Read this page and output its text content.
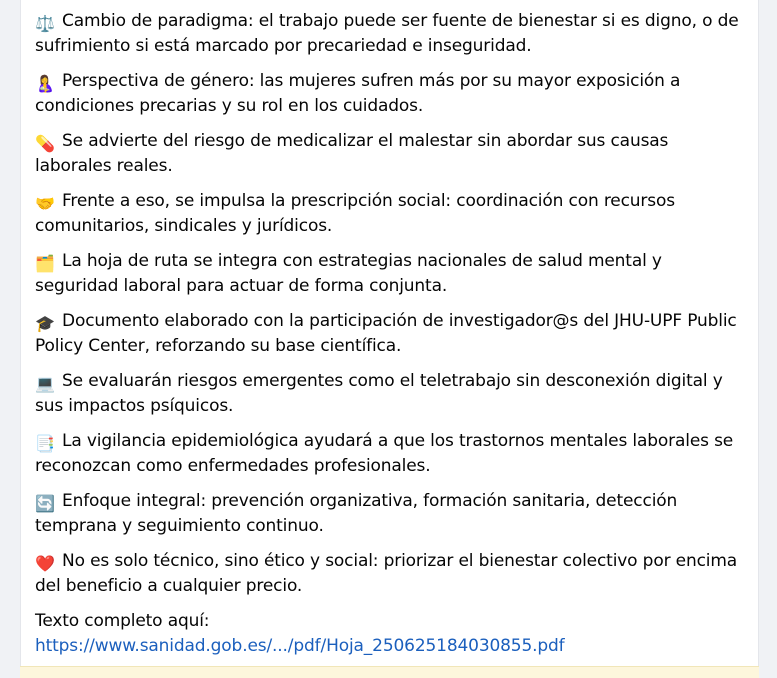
⚖️ Cambio de paradigma: el trabajo puede ser fuente de bienestar si es digno, o de sufrimiento si está marcado por precariedad e inseguridad.

🤱 Perspectiva de género: las mujeres sufren más por su mayor exposición a condiciones precarias y su rol en los cuidados.

💊 Se advierte del riesgo de medicalizar el malestar sin abordar sus causas laborales reales.

🤝 Frente a eso, se impulsa la prescripción social: coordinación con recursos comunitarios, sindicales y jurídicos.

🗂️ La hoja de ruta se integra con estrategias nacionales de salud mental y seguridad laboral para actuar de forma conjunta.

🎓 Documento elaborado con la participación de investigador@s del JHU-UPF Public Policy Center, reforzando su base científica.

💻 Se evaluarán riesgos emergentes como el teletrabajo sin desconexión digital y sus impactos psíquicos.

📑 La vigilancia epidemiológica ayudará a que los trastornos mentales laborales se reconozcan como enfermedades profesionales.

🔄 Enfoque integral: prevención organizativa, formación sanitaria, detección temprana y seguimiento continuo.

❤️ No es solo técnico, sino ético y social: priorizar el bienestar colectivo por encima del beneficio a cualquier precio.

Texto completo aquí:
https://www.sanidad.gob.es/.../pdf/Hoja_250625184030855.pdf
